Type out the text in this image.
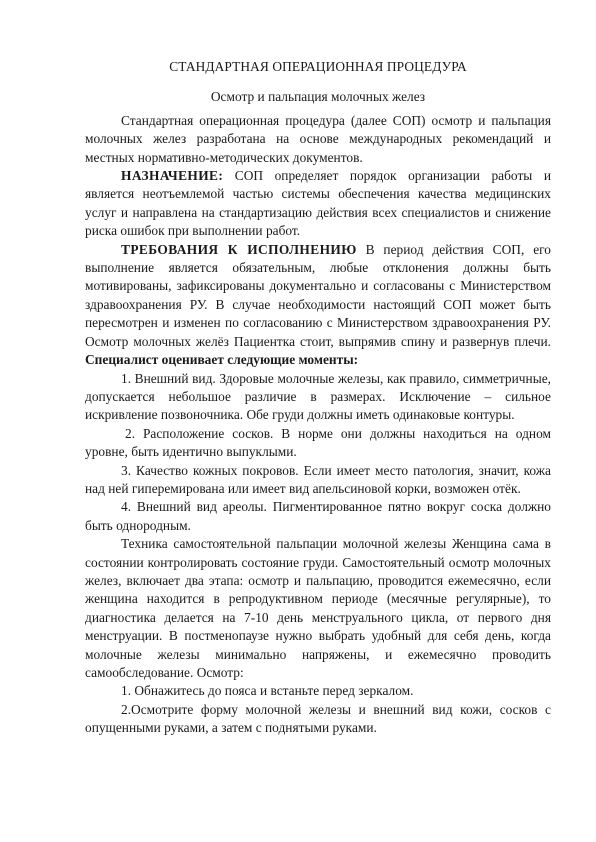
СТАНДАРТНАЯ ОПЕРАЦИОННАЯ ПРОЦЕДУРА
Осмотр и пальпация молочных желез

Стандартная операционная процедура (далее СОП) осмотр и пальпация молочных желез разработана на основе международных рекомендаций и местных нормативно-методических документов.

НАЗНАЧЕНИЕ: СОП определяет порядок организации работы и является неотъемлемой частью системы обеспечения качества медицинских услуг и направлена на стандартизацию действия всех специалистов и снижение риска ошибок при выполнении работ.

ТРЕБОВАНИЯ К ИСПОЛНЕНИЮ В период действия СОП, его выполнение является обязательным, любые отклонения должны быть мотивированы, зафиксированы документально и согласованы с Министерством здравоохранения РУ. В случае необходимости настоящий СОП может быть пересмотрен и изменен по согласованию с Министерством здравоохранения РУ. Осмотр молочных желёз Пациентка стоит, выпрямив спину и развернув плечи. Специалист оценивает следующие моменты:

1. Внешний вид. Здоровые молочные железы, как правило, симметричные, допускается небольшое различие в размерах. Исключение – сильное искривление позвоночника. Обе груди должны иметь одинаковые контуры.

2. Расположение сосков. В норме они должны находиться на одном уровне, быть идентично выпуклыми.

3. Качество кожных покровов. Если имеет место патология, значит, кожа над ней гиперемирована или имеет вид апельсиновой корки, возможен отёк.

4. Внешний вид ареолы. Пигментированное пятно вокруг соска должно быть однородным.

Техника самостоятельной пальпации молочной железы Женщина сама в состоянии контролировать состояние груди. Самостоятельный осмотр молочных желез, включает два этапа: осмотр и пальпацию, проводится ежемесячно, если женщина находится в репродуктивном периоде (месячные регулярные), то диагностика делается на 7-10 день менструального цикла, от первого дня менструации. В постменопаузе нужно выбрать удобный для себя день, когда молочные железы минимально напряжены, и ежемесячно проводить самообследование. Осмотр:

1. Обнажитесь до пояса и встаньте перед зеркалом.

2.Осмотрите форму молочной железы и внешний вид кожи, сосков с опущенными руками, а затем с поднятыми руками.
